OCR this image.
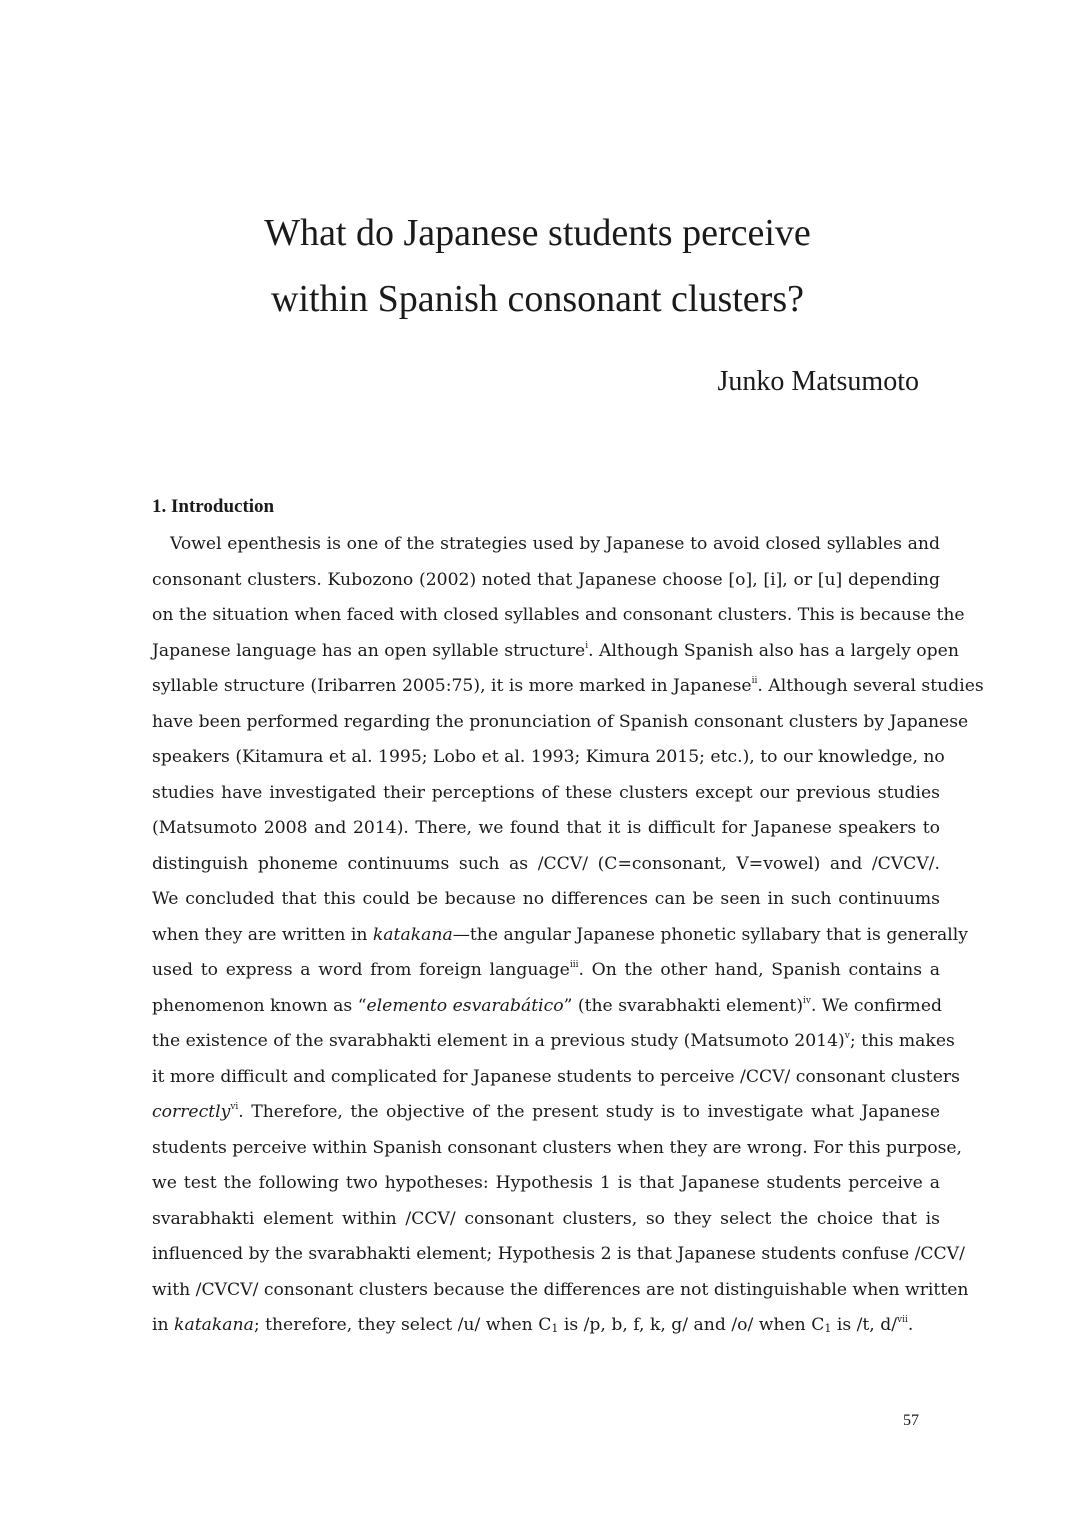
What do Japanese students perceive
within Spanish consonant clusters?

Junko Matsumoto

1. Introduction
Vowel epenthesis is one of the strategies used by Japanese to avoid closed syllables and
consonant clusters. Kubozono (2002) noted that Japanese choose [o], [i], or [u] depending
on the situation when faced with closed syllables and consonant clusters. This is because the
Japanese language has an open syllable structure$^i$. Although Spanish also has a largely open
syllable structure (Iribarren 2005:75), it is more marked in Japanese$^{ii}$. Although several studies
have been performed regarding the pronunciation of Spanish consonant clusters by Japanese
speakers (Kitamura et al. 1995; Lobo et al. 1993; Kimura 2015; etc.), to our knowledge, no
studies have investigated their perceptions of these clusters except our previous studies
(Matsumoto 2008 and 2014). There, we found that it is difficult for Japanese speakers to
distinguish phoneme continuums such as /CCV/ (C=consonant, V=vowel) and /CVCV/.
We concluded that this could be because no differences can be seen in such continuums
when they are written in katakana—the angular Japanese phonetic syllabary that is generally
used to express a word from foreign language$^{iii}$. On the other hand, Spanish contains a
phenomenon known as “elemento esvarabático” (the svarabhakti element)$^{iv}$. We confirmed
the existence of the svarabhakti element in a previous study (Matsumoto 2014)$^v$; this makes
it more difficult and complicated for Japanese students to perceive /CCV/ consonant clusters
correctly$^{vi}$. Therefore, the objective of the present study is to investigate what Japanese
students perceive within Spanish consonant clusters when they are wrong. For this purpose,
we test the following two hypotheses: Hypothesis 1 is that Japanese students perceive a
svarabhakti element within /CCV/ consonant clusters, so they select the choice that is
influenced by the svarabhakti element; Hypothesis 2 is that Japanese students confuse /CCV/
with /CVCV/ consonant clusters because the differences are not distinguishable when written
in katakana; therefore, they select /u/ when $C_1$ is /p, b, f, k, g/ and /o/ when $C_1$ is /t, d/$^{vii}$.

57
